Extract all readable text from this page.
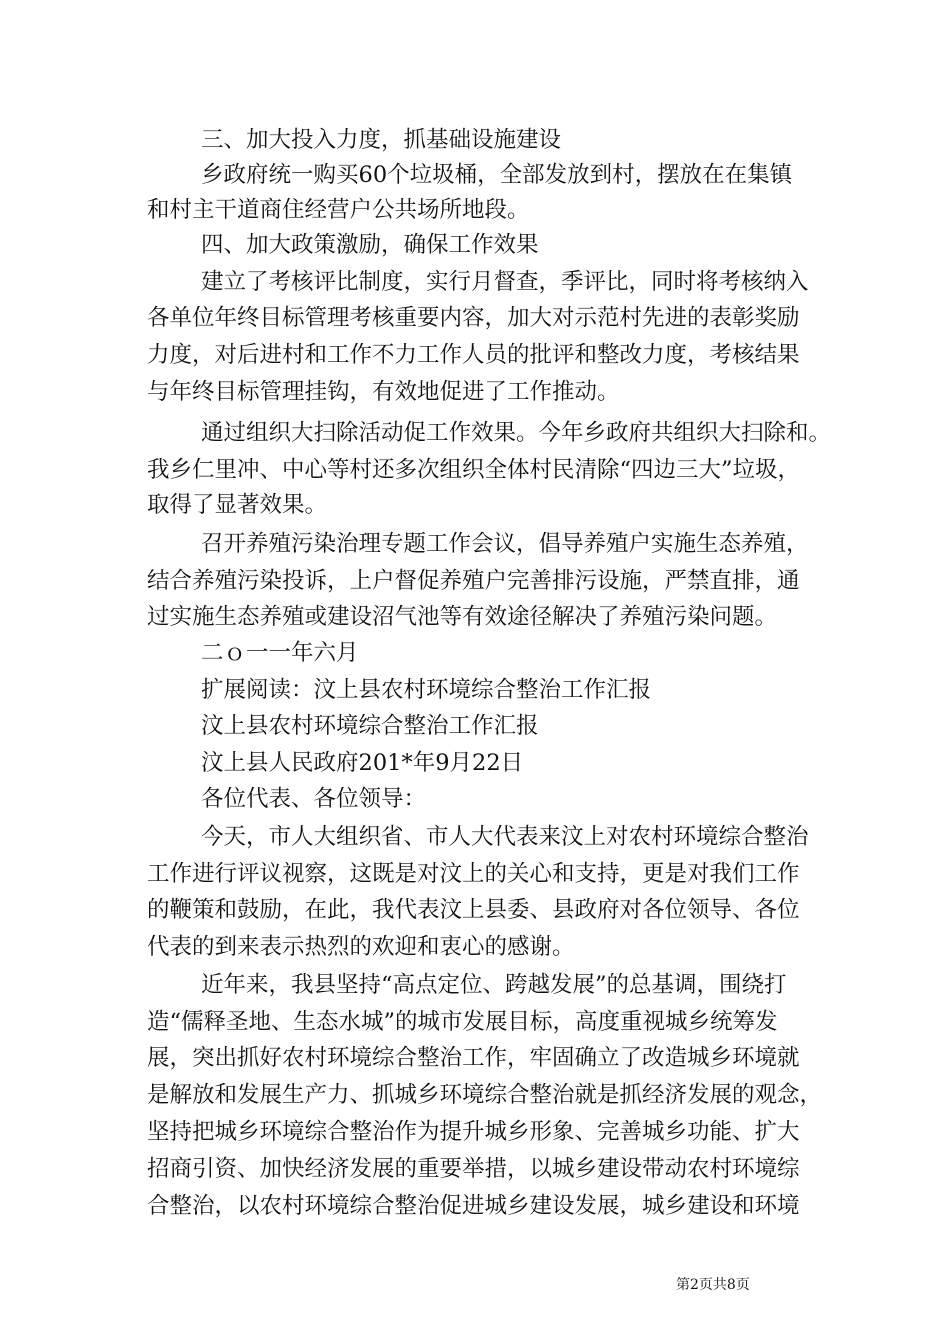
三、加大投入力度，抓基础设施建设

乡政府统一购买60个垃圾桶，全部发放到村，摆放在在集镇

和村主干道商住经营户公共场所地段。

四、加大政策激励，确保工作效果

建立了考核评比制度，实行月督查，季评比，同时将考核纳入

各单位年终目标管理考核重要内容，加大对示范村先进的表彰奖励

力度，对后进村和工作不力工作人员的批评和整改力度，考核结果

与年终目标管理挂钩，有效地促进了工作推动。

通过组织大扫除活动促工作效果。今年乡政府共组织大扫除和。

我乡仁里冲、中心等村还多次组织全体村民清除“四边三大”垃圾，

取得了显著效果。

召开养殖污染治理专题工作会议，倡导养殖户实施生态养殖，

结合养殖污染投诉，上户督促养殖户完善排污设施，严禁直排，通

过实施生态养殖或建设沼气池等有效途径解决了养殖污染问题。

二ｏ一一年六月

扩展阅读：汶上县农村环境综合整治工作汇报

汶上县农村环境综合整治工作汇报

汶上县人民政府201*年9月22日

各位代表、各位领导：

今天，市人大组织省、市人大代表来汶上对农村环境综合整治

工作进行评议视察，这既是对汶上的关心和支持，更是对我们工作

的鞭策和鼓励，在此，我代表汶上县委、县政府对各位领导、各位

代表的到来表示热烈的欢迎和衷心的感谢。

近年来，我县坚持“高点定位、跨越发展”的总基调，围绕打

造“儒释圣地、生态水城”的城市发展目标，高度重视城乡统筹发

展，突出抓好农村环境综合整治工作，牢固确立了改造城乡环境就

是解放和发展生产力、抓城乡环境综合整治就是抓经济发展的观念，

坚持把城乡环境综合整治作为提升城乡形象、完善城乡功能、扩大

招商引资、加快经济发展的重要举措，以城乡建设带动农村环境综

合整治，以农村环境综合整治促进城乡建设发展，城乡建设和环境

第2页共8页
